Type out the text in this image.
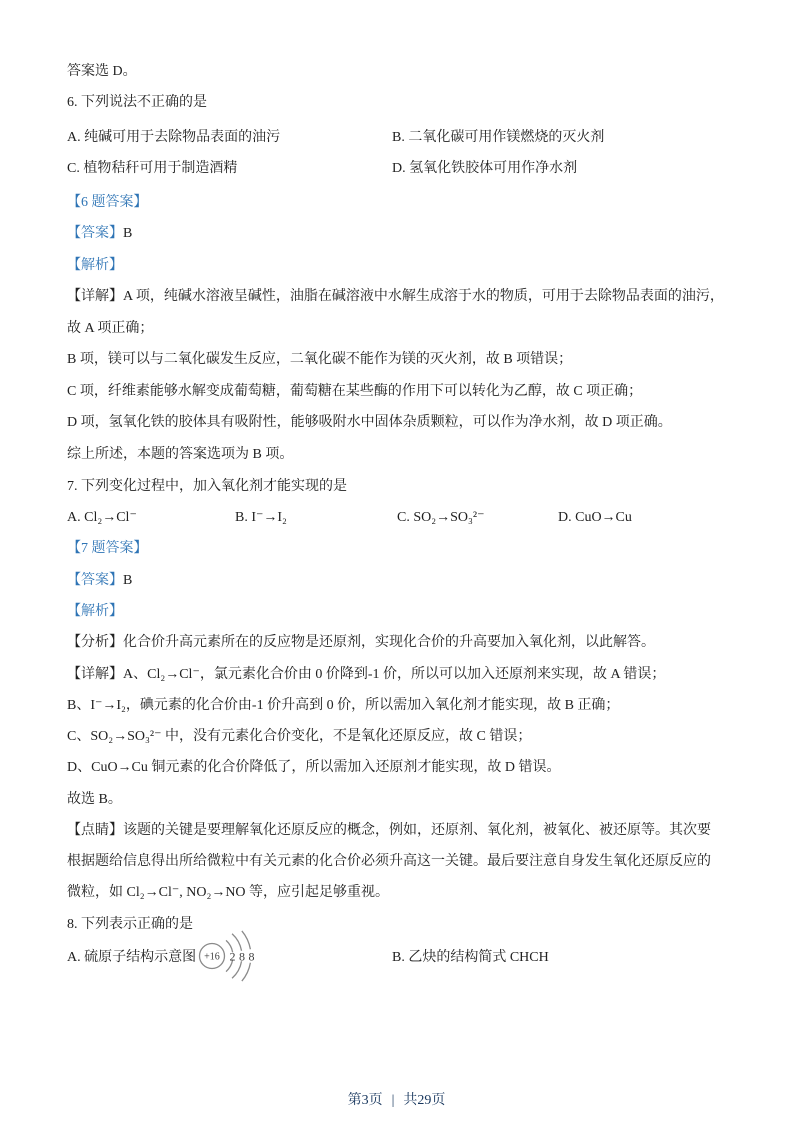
答案选 D。
6. 下列说法不正确的是
A. 纯碱可用于去除物品表面的油污	B. 二氧化碳可用作镁燃烧的灭火剂
C. 植物秸秆可用于制造酒精	D. 氢氧化铁胶体可用作净水剂
【6 题答案】
【答案】B
【解析】
【详解】A 项，纯碱水溶液呈碱性，油脂在碱溶液中水解生成溶于水的物质，可用于去除物品表面的油污，
故 A 项正确；
B 项，镁可以与二氧化碳发生反应，二氧化碳不能作为镁的灭火剂，故 B 项错误；
C 项，纤维素能够水解变成葡萄糖，葡萄糖在某些酶的作用下可以转化为乙醇，故 C 项正确；
D 项，氢氧化铁的胶体具有吸附性，能够吸附水中固体杂质颗粒，可以作为净水剂，故 D 项正确。
综上所述，本题的答案选项为 B 项。
7. 下列变化过程中，加入氧化剂才能实现的是
A. Cl₂→Cl⁻	B. I⁻→I₂	C. SO₂→SO₃²⁻	D. CuO→Cu
【7 题答案】
【答案】B
【解析】
【分析】化合价升高元素所在的反应物是还原剂，实现化合价的升高要加入氧化剂，以此解答。
【详解】A、Cl₂→Cl⁻，氯元素化合价由 0 价降到-1 价，所以可以加入还原剂来实现，故 A 错误；
B、I⁻→I₂，碘元素的化合价由-1 价升高到 0 价，所以需加入氧化剂才能实现，故 B 正确；
C、SO₂→SO₃²⁻ 中，没有元素化合价变化，不是氧化还原反应，故 C 错误；
D、CuO→Cu 铜元素的化合价降低了，所以需加入还原剂才能实现，故 D 错误。
故选 B。
【点睛】该题的关键是要理解氧化还原反应的概念，例如，还原剂、氧化剂，被氧化、被还原等。其次要
根据题给信息得出所给微粒中有关元素的化合价必须升高这一关键。最后要注意自身发生氧化还原反应的
微粒，如 Cl₂→Cl⁻, NO₂→NO 等，应引起足够重视。
8. 下列表示正确的是
A. 硫原子结构示意图 +16 2 8 8	B. 乙炔的结构简式 CHCH
第3页 | 共29页
